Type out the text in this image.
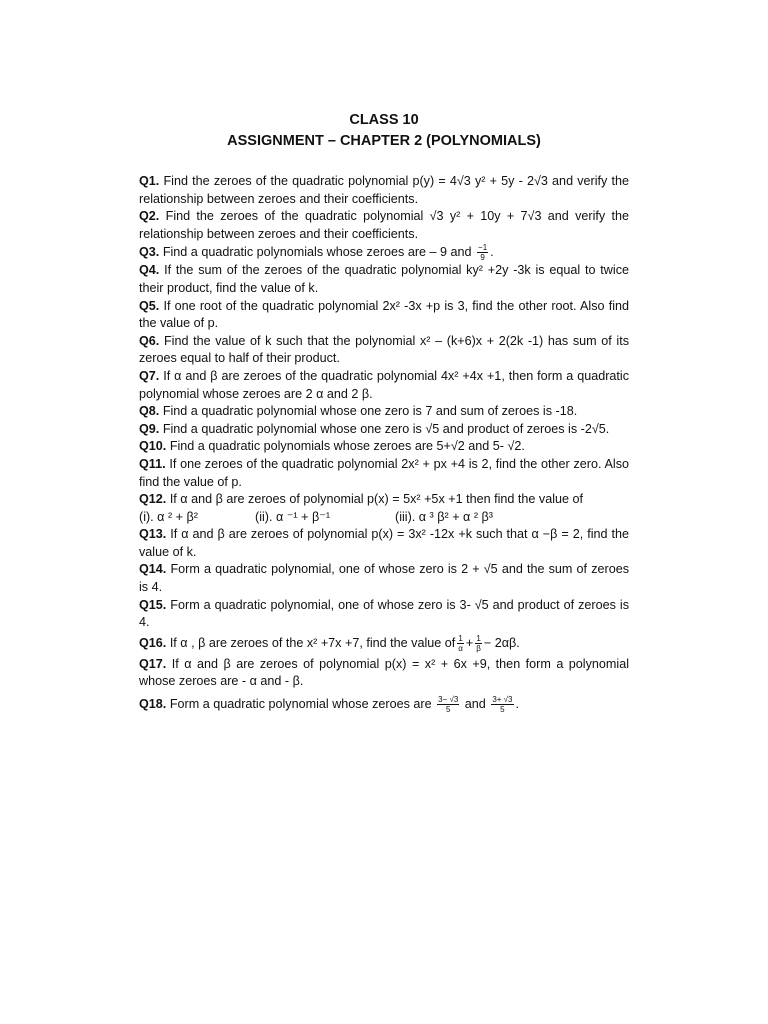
CLASS 10
ASSIGNMENT – CHAPTER 2 (POLYNOMIALS)

Q1. Find the zeroes of the quadratic polynomial p(y) = 4√3 y² + 5y - 2√3 and verify the relationship between zeroes and their coefficients.

Q2. Find the zeroes of the quadratic polynomial √3 y² + 10y + 7√3 and verify the relationship between zeroes and their coefficients.

Q3. Find a quadratic polynomials whose zeroes are – 9 and $\frac{-1}{9}$ .

Q4. If the sum of the zeroes of the quadratic polynomial ky² +2y -3k is equal to twice their product, find the value of k.

Q5. If one root of the quadratic polynomial 2x² -3x +p is 3, find the other root. Also find the value of p.

Q6. Find the value of k such that the polynomial x² – (k+6)x + 2(2k -1) has sum of its zeroes equal to half of their product.

Q7. If α and β are zeroes of the quadratic polynomial 4x² +4x +1, then form a quadratic polynomial whose zeroes are 2 α and 2 β.

Q8. Find a quadratic polynomial whose one zero is 7 and sum of zeroes is -18.

Q9. Find a quadratic polynomial whose one zero is √5 and product of zeroes is -2√5.

Q10. Find a quadratic polynomials whose zeroes are 5+√2 and 5- √2.

Q11. If one zeroes of the quadratic polynomial 2x² + px +4 is 2, find the other zero. Also find the value of p.

Q12. If α and β are zeroes of polynomial p(x) = 5x² +5x +1 then find the value of
(i). α ² + β²	(ii). α ⁻¹ + β⁻¹	(iii). α ³ β² + α ² β³

Q13. If α and β are zeroes of polynomial p(x) = 3x² -12x +k such that α −β = 2, find the value of k.

Q14. Form a quadratic polynomial, one of whose zero is 2 + √5 and the sum of zeroes is 4.

Q15. Form a quadratic polynomial, one of whose zero is 3- √5 and product of zeroes is 4.

Q16. If α , β are zeroes of the x² +7x +7, find the value of $\frac{1}{\alpha} + \frac{1}{\beta} - 2\alpha\beta$.

Q17. If α and β are zeroes of polynomial p(x) = x² + 6x +9, then form a polynomial whose zeroes are - α and - β.

Q18. Form a quadratic polynomial whose zeroes are $\frac{3- √3}{5}$ and $\frac{3+ √3}{5}$ .
